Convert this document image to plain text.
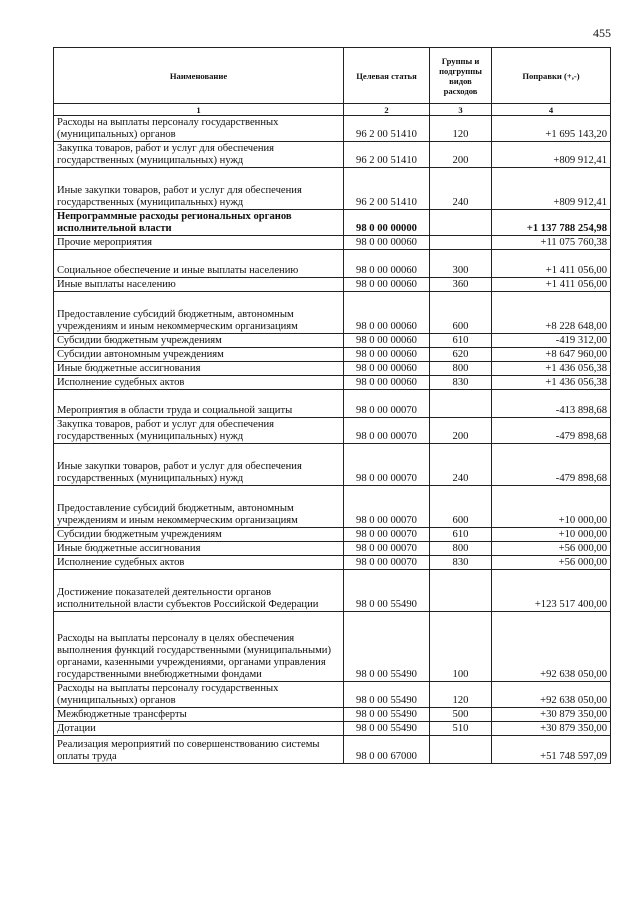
455
Наименование	Целевая статья	Группы и подгруппы видов расходов	Поправки (+,-)
1	2	3	4
Расходы на выплаты персоналу государственных (муниципальных) органов	96 2 00 51410	120	+1 695 143,20
Закупка товаров, работ и услуг для обеспечения государственных (муниципальных) нужд	96 2 00 51410	200	+809 912,41
Иные закупки товаров, работ и услуг для обеспечения государственных (муниципальных) нужд	96 2 00 51410	240	+809 912,41
Непрограммные расходы региональных органов исполнительной власти	98 0 00 00000		+1 137 788 254,98
Прочие мероприятия	98 0 00 00060		+11 075 760,38
Социальное обеспечение и иные выплаты населению	98 0 00 00060	300	+1 411 056,00
Иные выплаты населению	98 0 00 00060	360	+1 411 056,00
Предоставление субсидий бюджетным, автономным учреждениям и иным некоммерческим организациям	98 0 00 00060	600	+8 228 648,00
Субсидии бюджетным учреждениям	98 0 00 00060	610	-419 312,00
Субсидии автономным учреждениям	98 0 00 00060	620	+8 647 960,00
Иные бюджетные ассигнования	98 0 00 00060	800	+1 436 056,38
Исполнение судебных актов	98 0 00 00060	830	+1 436 056,38
Мероприятия в области труда и социальной защиты	98 0 00 00070		-413 898,68
Закупка товаров, работ и услуг для обеспечения государственных (муниципальных) нужд	98 0 00 00070	200	-479 898,68
Иные закупки товаров, работ и услуг для обеспечения государственных (муниципальных) нужд	98 0 00 00070	240	-479 898,68
Предоставление субсидий бюджетным, автономным учреждениям и иным некоммерческим организациям	98 0 00 00070	600	+10 000,00
Субсидии бюджетным учреждениям	98 0 00 00070	610	+10 000,00
Иные бюджетные ассигнования	98 0 00 00070	800	+56 000,00
Исполнение судебных актов	98 0 00 00070	830	+56 000,00
Достижение показателей деятельности органов исполнительной власти субъектов Российской Федерации	98 0 00 55490		+123 517 400,00
Расходы на выплаты персоналу в целях обеспечения выполнения функций государственными (муниципальными) органами, казенными учреждениями, органами управления государственными внебюджетными фондами	98 0 00 55490	100	+92 638 050,00
Расходы на выплаты персоналу государственных (муниципальных) органов	98 0 00 55490	120	+92 638 050,00
Межбюджетные трансферты	98 0 00 55490	500	+30 879 350,00
Дотации	98 0 00 55490	510	+30 879 350,00
Реализация мероприятий по совершенствованию системы оплаты труда	98 0 00 67000		+51 748 597,09
